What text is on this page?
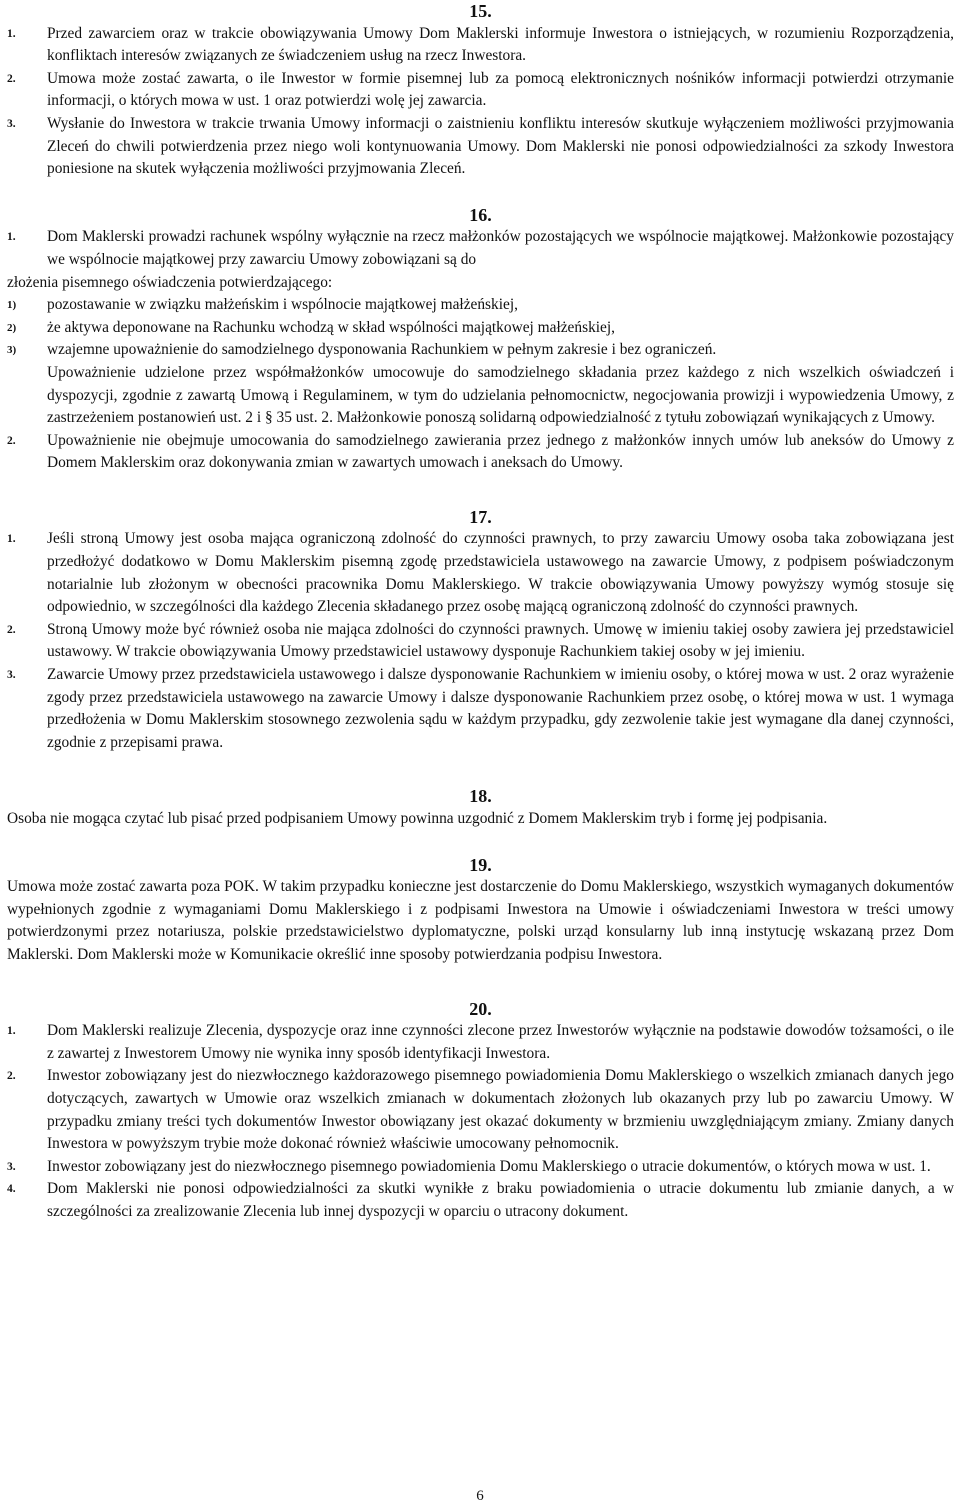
15.
1. Przed zawarciem oraz w trakcie obowiązywania Umowy Dom Maklerski informuje Inwestora o istniejących, w rozumieniu Rozporządzenia, konfliktach interesów związanych ze świadczeniem usług na rzecz Inwestora.

2. Umowa może zostać zawarta, o ile Inwestor w formie pisemnej lub za pomocą elektronicznych nośników informacji potwierdzi otrzymanie informacji, o których mowa w ust. 1 oraz potwierdzi wolę jej zawarcia.

3. Wysłanie do Inwestora w trakcie trwania Umowy informacji o zaistnieniu konfliktu interesów skutkuje wyłączeniem możliwości przyjmowania Zleceń do chwili potwierdzenia przez niego woli kontynuowania Umowy. Dom Maklerski nie ponosi odpowiedzialności za szkody Inwestora poniesione na skutek wyłączenia możliwości przyjmowania Zleceń.

16.
1. Dom Maklerski prowadzi rachunek wspólny wyłącznie na rzecz małżonków pozostających we wspólnocie majątkowej. Małżonkowie pozostający we wspólnocie majątkowej przy zawarciu Umowy zobowiązani są do

złożenia pisemnego oświadczenia potwierdzającego:

1) pozostawanie w związku małżeńskim i wspólnocie majątkowej małżeńskiej,

2) że aktywa deponowane na Rachunku wchodzą w skład wspólności majątkowej małżeńskiej,

3) wzajemne upoważnienie do samodzielnego dysponowania Rachunkiem w pełnym zakresie i bez ograniczeń.

Upoważnienie udzielone przez współmałżonków umocowuje do samodzielnego składania przez każdego z nich wszelkich oświadczeń i dyspozycji, zgodnie z zawartą Umową i Regulaminem, w tym do udzielania pełnomocnictw, negocjowania prowizji i wypowiedzenia Umowy, z zastrzeżeniem postanowień ust. 2 i § 35 ust. 2. Małżonkowie ponoszą solidarną odpowiedzialność z tytułu zobowiązań wynikających z Umowy.

2. Upoważnienie nie obejmuje umocowania do samodzielnego zawierania przez jednego z małżonków innych umów lub aneksów do Umowy z Domem Maklerskim oraz dokonywania zmian w zawartych umowach i aneksach do Umowy.

17.
1. Jeśli stroną Umowy jest osoba mająca ograniczoną zdolność do czynności prawnych, to przy zawarciu Umowy osoba taka zobowiązana jest przedłożyć dodatkowo w Domu Maklerskim pisemną zgodę przedstawiciela ustawowego na zawarcie Umowy, z podpisem poświadczonym notarialnie lub złożonym w obecności pracownika Domu Maklerskiego. W trakcie obowiązywania Umowy powyższy wymóg stosuje się odpowiednio, w szczególności dla każdego Zlecenia składanego przez osobę mającą ograniczoną zdolność do czynności prawnych.

2. Stroną Umowy może być również osoba nie mająca zdolności do czynności prawnych. Umowę w imieniu takiej osoby zawiera jej przedstawiciel ustawowy. W trakcie obowiązywania Umowy przedstawiciel ustawowy dysponuje Rachunkiem takiej osoby w jej imieniu.

3. Zawarcie Umowy przez przedstawiciela ustawowego i dalsze dysponowanie Rachunkiem w imieniu osoby, o której mowa w ust. 2 oraz wyrażenie zgody przez przedstawiciela ustawowego na zawarcie Umowy i dalsze dysponowanie Rachunkiem przez osobę, o której mowa w ust. 1 wymaga przedłożenia w Domu Maklerskim stosownego zezwolenia sądu w każdym przypadku, gdy zezwolenie takie jest wymagane dla danej czynności, zgodnie z przepisami prawa.

18.

Osoba nie mogąca czytać lub pisać przed podpisaniem Umowy powinna uzgodnić z Domem Maklerskim tryb i formę jej podpisania.

19.

Umowa może zostać zawarta poza POK. W takim przypadku konieczne jest dostarczenie do Domu Maklerskiego, wszystkich wymaganych dokumentów wypełnionych zgodnie z wymaganiami Domu Maklerskiego i z podpisami Inwestora na Umowie i oświadczeniami Inwestora w treści umowy potwierdzonymi przez notariusza, polskie przedstawicielstwo dyplomatyczne, polski urząd konsularny lub inną instytucję wskazaną przez Dom Maklerski. Dom Maklerski może w Komunikacie określić inne sposoby potwierdzania podpisu Inwestora.

20.
1. Dom Maklerski realizuje Zlecenia, dyspozycje oraz inne czynności zlecone przez Inwestorów wyłącznie na podstawie dowodów tożsamości, o ile z zawartej z Inwestorem Umowy nie wynika inny sposób identyfikacji Inwestora.

2. Inwestor zobowiązany jest do niezwłocznego każdorazowego pisemnego powiadomienia Domu Maklerskiego o wszelkich zmianach danych jego dotyczących, zawartych w Umowie oraz wszelkich zmianach w dokumentach złożonych lub okazanych przy lub po zawarciu Umowy. W przypadku zmiany treści tych dokumentów Inwestor obowiązany jest okazać dokumenty w brzmieniu uwzględniającym zmiany. Zmiany danych Inwestora w powyższym trybie może dokonać również właściwie umocowany pełnomocnik.

3. Inwestor zobowiązany jest do niezwłocznego pisemnego powiadomienia Domu Maklerskiego o utracie dokumentów, o których mowa w ust. 1.

4. Dom Maklerski nie ponosi odpowiedzialności za skutki wynikłe z braku powiadomienia o utracie dokumentu lub zmianie danych, a w szczególności za zrealizowanie Zlecenia lub innej dyspozycji w oparciu o utracony dokument.

6
